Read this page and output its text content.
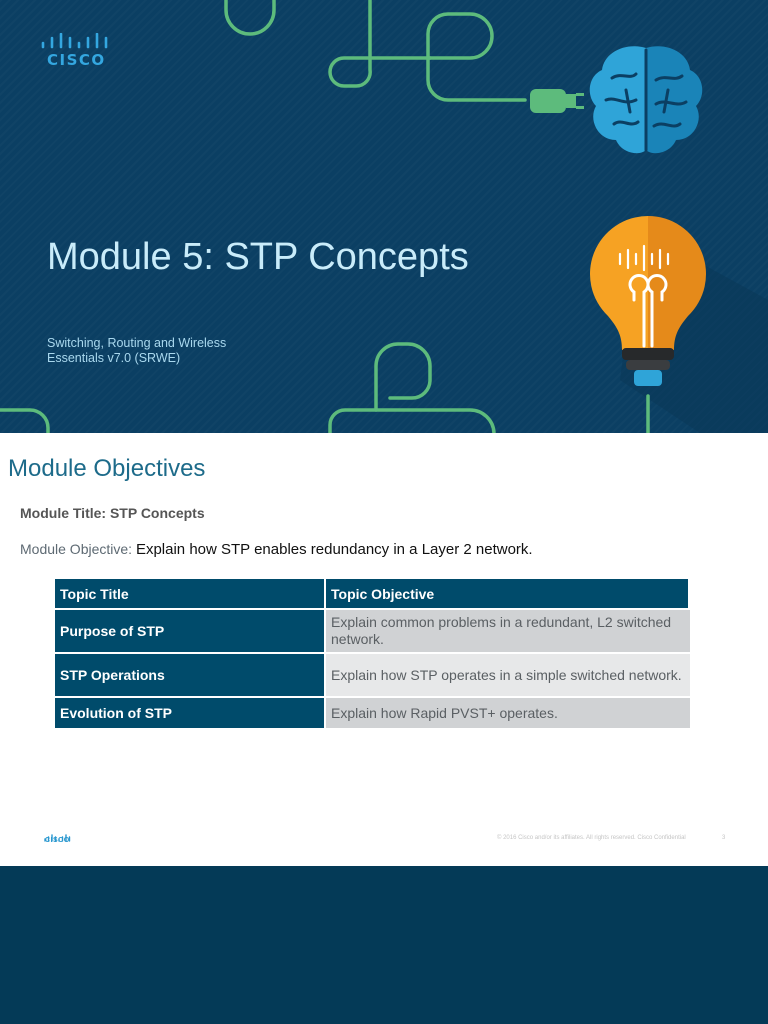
CISCO
Module 5: STP Concepts
Switching, Routing and Wireless
Essentials v7.0 (SRWE)
Module Objectives
Module Title: STP Concepts
Module Objective: Explain how STP enables redundancy in a Layer 2 network.
Topic Title	Topic Objective
Purpose of STP	Explain common problems in a redundant, L2 switched network.
STP Operations	Explain how STP operates in a simple switched network.
Evolution of STP	Explain how Rapid PVST+ operates.
CISCO	© 2016 Cisco and/or its affiliates. All rights reserved. Cisco Confidential	3
